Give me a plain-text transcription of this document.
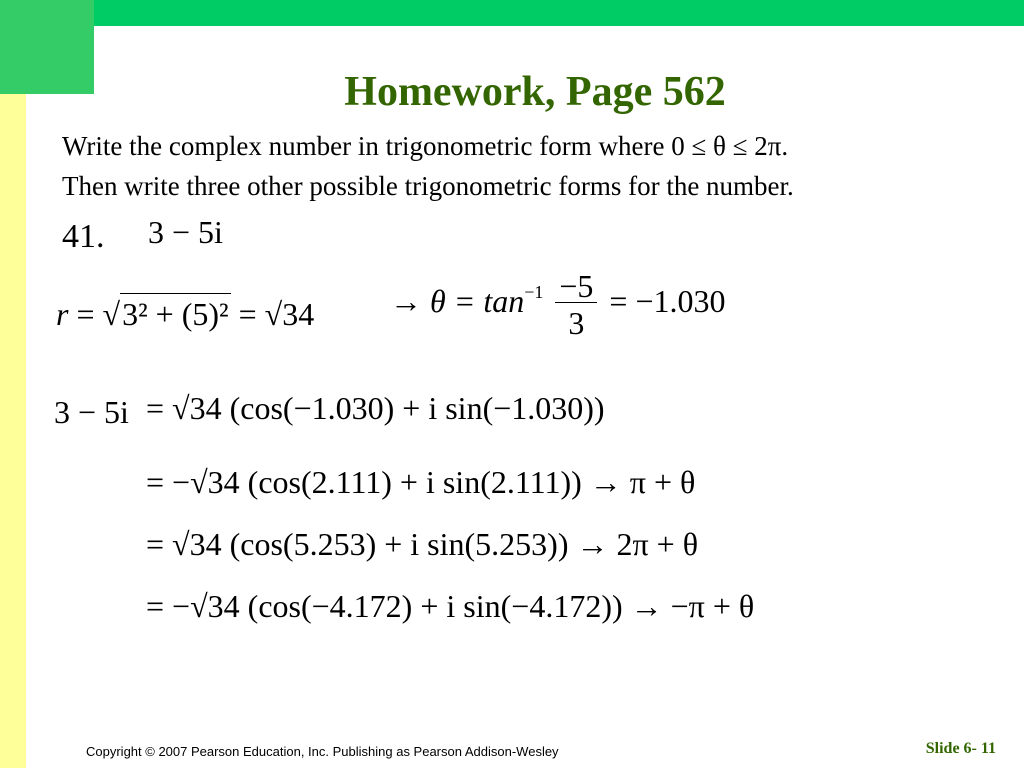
Homework, Page 562
Write the complex number in trigonometric form where 0 ≤ θ ≤ 2π.
Then write three other possible trigonometric forms for the number.
41. 3 − 5i
$r = √3^2 + (5)^2 = √34 \to \theta = \tan^{-1} \frac{-5}{3} = -1.030$
3 − 5i = √34 (cos(−1.030) + i sin(−1.030))
= −√34 (cos(2.111) + i sin(2.111)) → π + θ
= √34 (cos(5.253) + i sin(5.253)) → 2π + θ
= −√34 (cos(−4.172) + i sin(−4.172)) → −π + θ
Copyright © 2007 Pearson Education, Inc. Publishing as Pearson Addison-Wesley	Slide 6- 11
